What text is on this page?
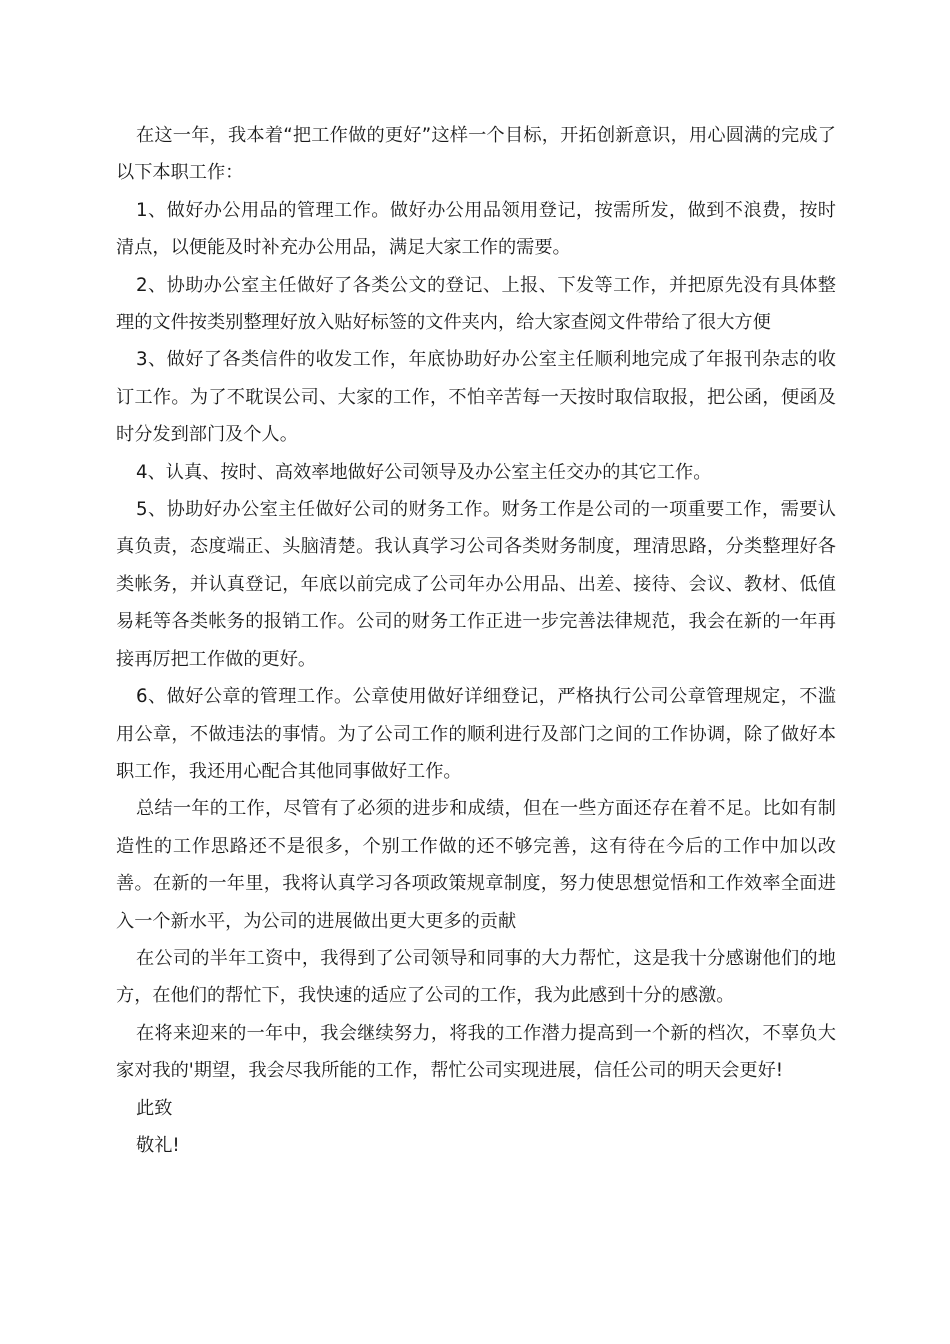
在这一年，我本着“把工作做的更好”这样一个目标，开拓创新意识，用心圆满的完成了以下本职工作：

1、做好办公用品的管理工作。做好办公用品领用登记，按需所发，做到不浪费，按时清点，以便能及时补充办公用品，满足大家工作的需要。

2、协助办公室主任做好了各类公文的登记、上报、下发等工作，并把原先没有具体整理的文件按类别整理好放入贴好标签的文件夹内，给大家查阅文件带给了很大方便

3、做好了各类信件的收发工作，年底协助好办公室主任顺利地完成了年报刊杂志的收订工作。为了不耽误公司、大家的工作，不怕辛苦每一天按时取信取报，把公函，便函及时分发到部门及个人。

4、认真、按时、高效率地做好公司领导及办公室主任交办的其它工作。

5、协助好办公室主任做好公司的财务工作。财务工作是公司的一项重要工作，需要认真负责，态度端正、头脑清楚。我认真学习公司各类财务制度，理清思路，分类整理好各类帐务，并认真登记，年底以前完成了公司年办公用品、出差、接待、会议、教材、低值易耗等各类帐务的报销工作。公司的财务工作正进一步完善法律规范，我会在新的一年再接再厉把工作做的更好。

6、做好公章的管理工作。公章使用做好详细登记，严格执行公司公章管理规定，不滥用公章，不做违法的事情。为了公司工作的顺利进行及部门之间的工作协调，除了做好本职工作，我还用心配合其他同事做好工作。

总结一年的工作，尽管有了必须的进步和成绩，但在一些方面还存在着不足。比如有制造性的工作思路还不是很多，个别工作做的还不够完善，这有待在今后的工作中加以改善。在新的一年里，我将认真学习各项政策规章制度，努力使思想觉悟和工作效率全面进入一个新水平，为公司的进展做出更大更多的贡献

在公司的半年工资中，我得到了公司领导和同事的大力帮忙，这是我十分感谢他们的地方，在他们的帮忙下，我快速的适应了公司的工作，我为此感到十分的感激。

在将来迎来的一年中，我会继续努力，将我的工作潜力提高到一个新的档次，不辜负大家对我的'期望，我会尽我所能的工作，帮忙公司实现进展，信任公司的明天会更好!

此致

敬礼!
